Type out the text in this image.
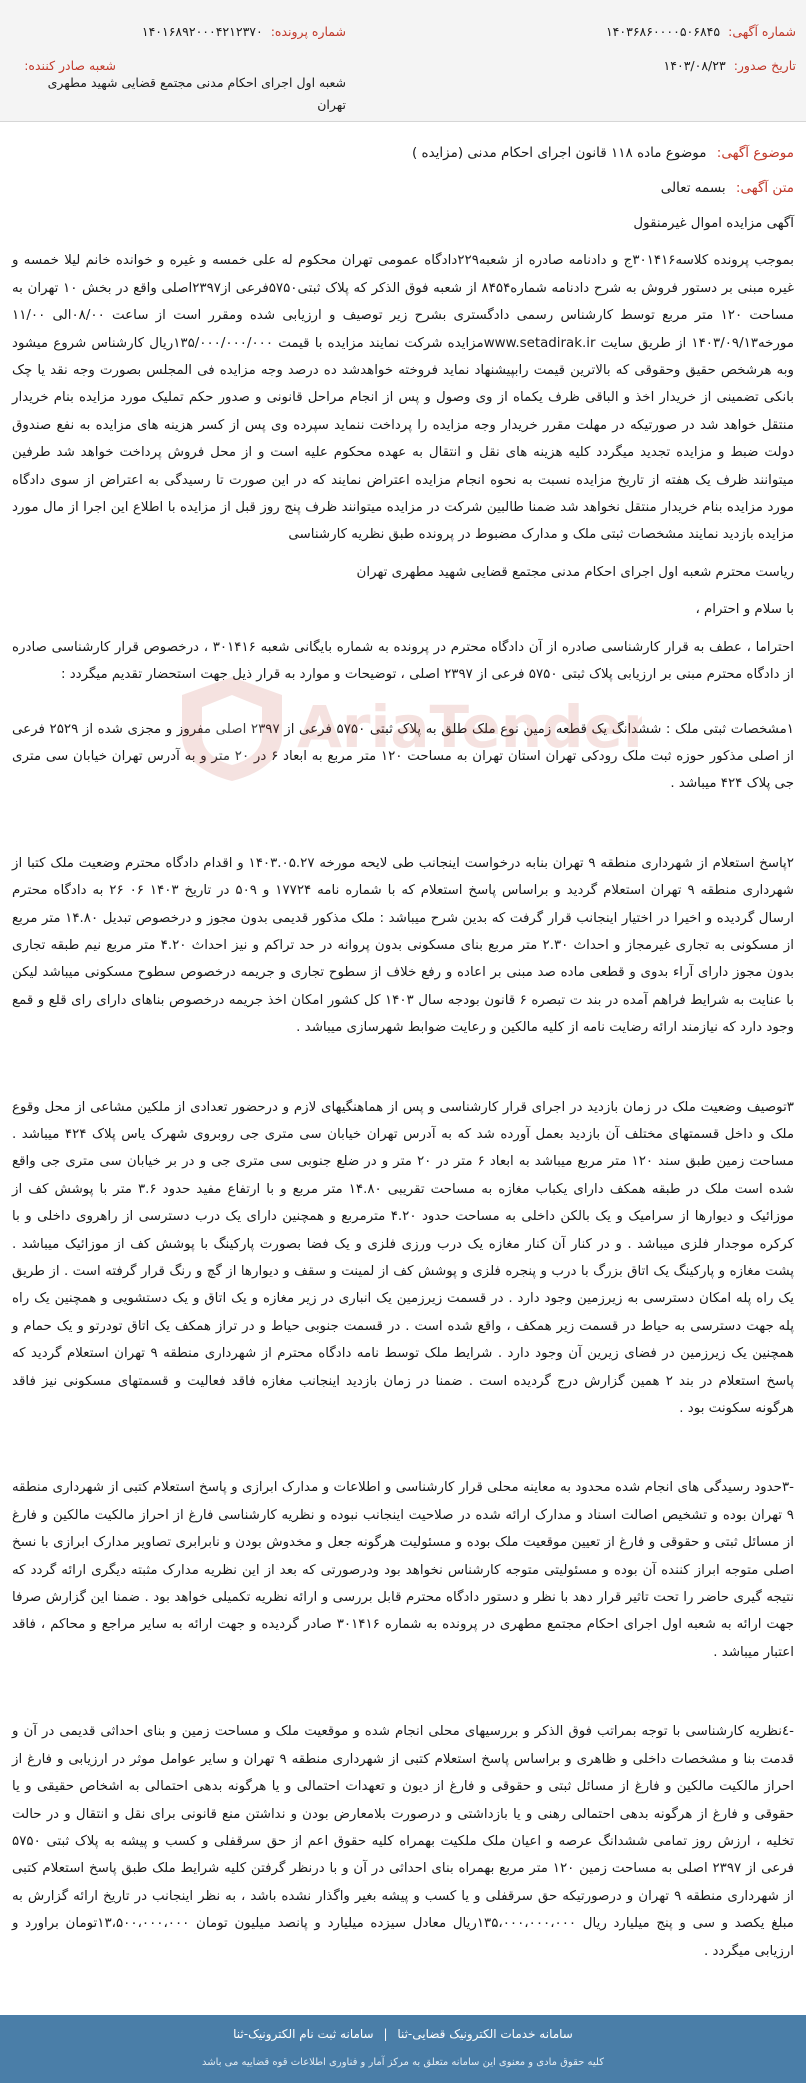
شماره آگهی:
۱۴۰۳۶۸۶۰۰۰۰۵۰۶۸۴۵
شماره پرونده:
۱۴۰۱۶۸۹۲۰۰۰۴۲۱۲۳۷۰
تاریخ صدور:
۱۴۰۳/۰۸/۲۳
شعبه صادر کننده:
شعبه اول اجرای احکام مدنی مجتمع قضایی شهید مطهری تهران
موضوع آگهی: موضوع ماده ۱۱۸ قانون اجرای احکام مدنی (مزایده )
متن آگهی: بسمه تعالی
AriaTender
آگهی مزایده اموال غیرمنقول
بموجب پرونده کلاسه۳۰۱۴۱۶ج و دادنامه صادره از شعبه۲۲۹دادگاه عمومی تهران محکوم له علی خمسه و غیره و خوانده خانم لیلا خمسه و غیره مبنی بر دستور فروش به شرح دادنامه شماره۸۴۵۴ از شعبه فوق الذکر که پلاک ثبتی۵۷۵۰فرعی از۲۳۹۷اصلی واقع در بخش ۱۰ تهران به مساحت ۱۲۰ متر مربع توسط کارشناس رسمی دادگستری بشرح زیر توصیف و ارزیابی شده ومقرر است از ساعت ۰۸/۰۰الی ۱۱/۰۰ مورخه۱۴۰۳/۰۹/۱۳ از طریق سایت www.setadirak.irمزایده شرکت نمایند مزایده با قیمت ۱۳۵/۰۰۰/۰۰۰/۰۰۰ریال کارشناس شروع میشود وبه هرشخص حقیق وحقوقی که بالاترین قیمت رابپیشنهاد نماید فروخته خواهدشد ده درصد وجه مزایده فی المجلس بصورت وجه نقد یا چک بانکی تضمینی از خریدار اخذ و الباقی ظرف یکماه از وی وصول و پس از انجام مراحل قانونی و صدور حکم تملیک مورد مزایده بنام خریدار منتقل خواهد شد در صورتیکه در مهلت مقرر خریدار وجه مزایده را پرداخت ننماید سپرده وی پس از کسر هزینه های مزایده به نفع صندوق دولت ضبط و مزایده تجدید میگردد کلیه هزینه های نقل و انتقال به عهده محکوم علیه است و از محل فروش پرداخت خواهد شد طرفین میتوانند ظرف یک هفته از تاریخ مزایده نسبت به نحوه انجام مزایده اعتراض نمایند که در این صورت تا رسیدگی به اعتراض از سوی دادگاه مورد مزایده بنام خریدار منتقل نخواهد شد ضمنا طالبین شرکت در مزایده میتوانند ظرف پنج روز قبل از مزایده با اطلاع این اجرا از مال مورد مزایده بازدید نمایند مشخصات ثبتی ملک و مدارک مضبوط در پرونده طبق نظریه کارشناسی
ریاست محترم شعبه اول اجرای احکام مدنی مجتمع قضایی شهید مطهری تهران
با سلام و احترام ،
احتراما ، عطف به قرار کارشناسی صادره از آن دادگاه محترم در پرونده به شماره بایگانی شعبه ۳۰۱۴۱۶ ، درخصوص قرار کارشناسی صادره از دادگاه محترم مبنی بر ارزیابی پلاک ثبتی ۵۷۵۰ فرعی از ۲۳۹۷ اصلی ، توضیحات و موارد به قرار ذیل جهت استحضار تقدیم میگردد :
۱مشخصات ثبتی ملک : ششدانگ یک قطعه زمین نوع ملک طلق به پلاک ثبتی ۵۷۵۰ فرعی از ۲۳۹۷ اصلی مفروز و مجزی شده از ۲۵۲۹ فرعی از اصلی مذکور حوزه ثبت ملک رودکی تهران استان تهران به مساحت ۱۲۰ متر مربع به ابعاد ۶ در ۲۰ متر و به آدرس تهران خیابان سی متری جی پلاک ۴۲۴ میباشد .
۲پاسخ استعلام از شهرداری منطقه ۹ تهران بنابه درخواست اینجانب طی لایحه مورخه ۱۴۰۳.۰۵.۲۷ و اقدام دادگاه محترم وضعیت ملک کتبا از شهرداری منطقه ۹ تهران استعلام گردید و براساس پاسخ استعلام که با شماره نامه ۱۷۷۲۴ و ۵۰۹ در تاریخ ۱۴۰۳ ۰۶ ۲۶ به دادگاه محترم ارسال گردیده و اخیرا در اختیار اینجانب قرار گرفت که بدین شرح میباشد : ملک مذکور قدیمی بدون مجوز و درخصوص تبدیل ۱۴.۸۰ متر مربع از مسکونی به تجاری غیرمجاز و احداث ۲.۳۰ متر مربع بنای مسکونی بدون پروانه در حد تراکم و نیز احداث ۴.۲۰ متر مربع نیم طبقه تجاری بدون مجوز دارای آراء بدوی و قطعی ماده صد مبنی بر اعاده و رفع خلاف از سطوح تجاری و جریمه درخصوص سطوح مسکونی میباشد لیکن با عنایت به شرایط فراهم آمده در بند ت تبصره ۶ قانون بودجه سال ۱۴۰۳ کل کشور امکان اخذ جریمه درخصوص بناهای دارای رای قلع و قمع وجود دارد که نیازمند ارائه رضایت نامه از کلیه مالکین و رعایت ضوابط شهرسازی میباشد .
۳توصیف وضعیت ملک در زمان بازدید در اجرای قرار کارشناسی و پس از هماهنگیهای لازم و درحضور تعدادی از ملکین مشاعی از محل وقوع ملک و داخل قسمتهای مختلف آن بازدید بعمل آورده شد که به آدرس تهران خیابان سی متری جی روبروی شهرک یاس پلاک ۴۲۴ میباشد . مساحت زمین طبق سند ۱۲۰ متر مربع میباشد به ابعاد ۶ متر در ۲۰ متر و در ضلع جنوبی سی متری جی و در بر خیابان سی متری جی واقع شده است ملک در طبقه همکف دارای یکباب مغازه به مساحت تقریبی ۱۴.۸۰ متر مربع و با ارتفاع مفید حدود ۳.۶ متر با پوشش کف از موزائیک و دیوارها از سرامیک و یک بالکن داخلی به مساحت حدود ۴.۲۰ مترمربع و همچنین دارای یک درب دسترسی از راهروی داخلی و با کرکره موجدار فلزی میباشد . و در کنار آن کنار مغازه یک درب ورزی فلزی و یک فضا بصورت پارکینگ با پوشش کف از موزائیک میباشد . پشت مغازه و پارکینگ یک اتاق بزرگ با درب و پنجره فلزی و پوشش کف از لمینت و سقف و دیوارها از گچ و رنگ قرار گرفته است . از طریق یک راه پله امکان دسترسی به زیرزمین وجود دارد . در قسمت زیرزمین یک انباری در زیر مغازه و یک اتاق و یک دستشویی و همچنین یک راه پله جهت دسترسی به حیاط در قسمت زیر همکف ، واقع شده است . در قسمت جنوبی حیاط و در تراز همکف یک اتاق تودرتو و یک حمام و همچنین یک زیرزمین در فضای زیرین آن وجود دارد . شرایط ملک توسط نامه دادگاه محترم از شهرداری منطقه ۹ تهران استعلام گردید که پاسخ استعلام در بند ۲ همین گزارش درج گردیده است . ضمنا در زمان بازدید اینجانب مغازه فاقد فعالیت و قسمتهای مسکونی نیز فاقد هرگونه سکونت بود .
-۳حدود رسیدگی های انجام شده محدود به معاینه محلی قرار کارشناسی و اطلاعات و مدارک ابرازی و پاسخ استعلام کتبی از شهرداری منطقه ۹ تهران بوده و تشخیص اصالت اسناد و مدارک ارائه شده در صلاحیت اینجانب نبوده و نظریه کارشناسی فارغ از احراز مالکیت مالکین و فارغ از مسائل ثبتی و حقوقی و فارغ از تعیین موقعیت ملک بوده و مسئولیت هرگونه جعل و مخدوش بودن و نابرابری تصاویر مدارک ابرازی با نسخ اصلی متوجه ابراز کننده آن بوده و مسئولیتی متوجه کارشناس نخواهد بود ودرصورتی که بعد از این نظریه مدارک مثبته دیگری ارائه گردد که نتیجه گیری حاضر را تحت تاثیر قرار دهد با نظر و دستور دادگاه محترم قابل بررسی و ارائه نظریه تکمیلی خواهد بود . ضمنا این گزارش صرفا جهت ارائه به شعبه اول اجرای احکام مجتمع مطهری در پرونده به شماره ۳۰۱۴۱۶ صادر گردیده و جهت ارائه به سایر مراجع و محاکم ، فاقد اعتبار میباشد .
-٤نظریه کارشناسی با توجه بمراتب فوق الذکر و بررسیهای محلی انجام شده و موقعیت ملک و مساحت زمین و بنای احداثی قدیمی در آن و قدمت بنا و مشخصات داخلی و ظاهری و براساس پاسخ استعلام کتبی از شهرداری منطقه ۹ تهران و سایر عوامل موثر در ارزیابی و فارغ از احراز مالکیت مالکین و فارغ از مسائل ثبتی و حقوقی و فارغ از دیون و تعهدات احتمالی و یا هرگونه بدهی احتمالی به اشخاص حقیقی و یا حقوقی و فارغ از هرگونه بدهی احتمالی رهنی و یا بازداشتی و درصورت بلامعارض بودن و نداشتن منع قانونی برای نقل و انتقال و در حالت تخلیه ، ارزش روز تمامی ششدانگ عرصه و اعیان ملک ملکیت بهمراه کلیه حقوق اعم از حق سرقفلی و کسب و پیشه به پلاک ثبتی ۵۷۵۰ فرعی از ۲۳۹۷ اصلی به مساحت زمین ۱۲۰ متر مربع بهمراه بنای احداثی در آن و با درنظر گرفتن کلیه شرایط ملک طبق پاسخ استعلام کتبی از شهرداری منطقه ۹ تهران و درصورتیکه حق سرقفلی و یا کسب و پیشه بغیر واگذار نشده باشد ، به نظر اینجانب در تاریخ ارائه گزارش به مبلغ یکصد و سی و پنج میلیارد ریال ۱۳۵،۰۰۰،۰۰۰،۰۰۰ریال معادل سیزده میلیارد و پانصد میلیون تومان ۱۳،۵۰۰،۰۰۰،۰۰۰تومان براورد و ارزیابی میگردد .
سامانه خدمات الکترونیک قضایی-ثنا | سامانه ثبت نام الکترونیک-ثنا
کلیه حقوق مادی و معنوی این سامانه متعلق به مرکز آمار و فناوری اطلاعات قوه قضاییه می باشد
